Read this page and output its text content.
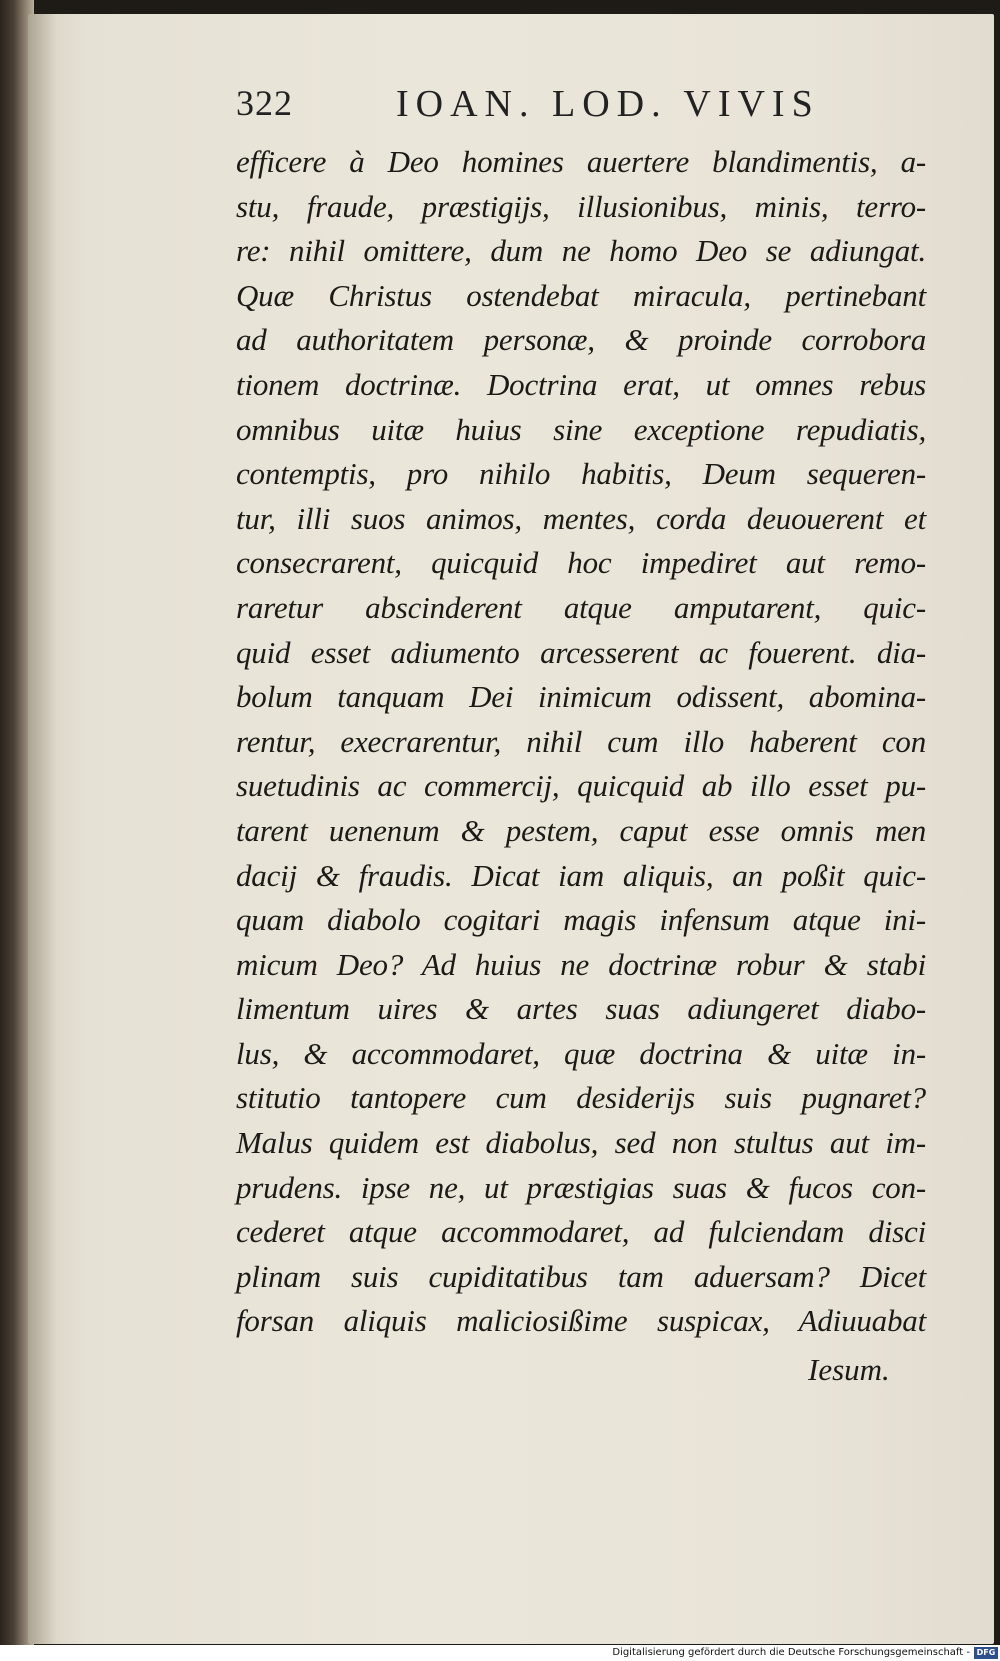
322	IOAN. LOD. VIVIS
efficere à Deo homines auertere blandimentis, a-
stu, fraude, præstigijs, illusionibus, minis, terro-
re: nihil omittere, dum ne homo Deo se adiungat.
Quæ Christus ostendebat miracula, pertinebant
ad authoritatem personæ, & proinde corrobora
tionem doctrinæ. Doctrina erat, ut omnes rebus
omnibus uitæ huius sine exceptione repudiatis,
contemptis, pro nihilo habitis, Deum sequeren-
tur, illi suos animos, mentes, corda deuouerent et
consecrarent, quicquid hoc impediret aut remo-
raretur abscinderent atque amputarent, quic-
quid esset adiumento arcesserent ac fouerent. dia-
bolum tanquam Dei inimicum odissent, abomina-
rentur, execrarentur, nihil cum illo haberent con
suetudinis ac commercij, quicquid ab illo esset pu-
tarent uenenum & pestem, caput esse omnis men
dacij & fraudis. Dicat iam aliquis, an poßit quic-
quam diabolo cogitari magis infensum atque ini-
micum Deo? Ad huius ne doctrinæ robur & stabi
limentum uires & artes suas adiungeret diabo-
lus, & accommodaret, quæ doctrina & uitæ in-
stitutio tantopere cum desiderijs suis pugnaret?
Malus quidem est diabolus, sed non stultus aut im-
prudens. ipse ne, ut præstigias suas & fucos con-
cederet atque accommodaret, ad fulciendam disci
plinam suis cupiditatibus tam aduersam? Dicet
forsan aliquis maliciosißime suspicax, Adiuuabat
Iesum.
Digitalisierung gefördert durch die Deutsche Forschungsgemeinschaft - DFG
